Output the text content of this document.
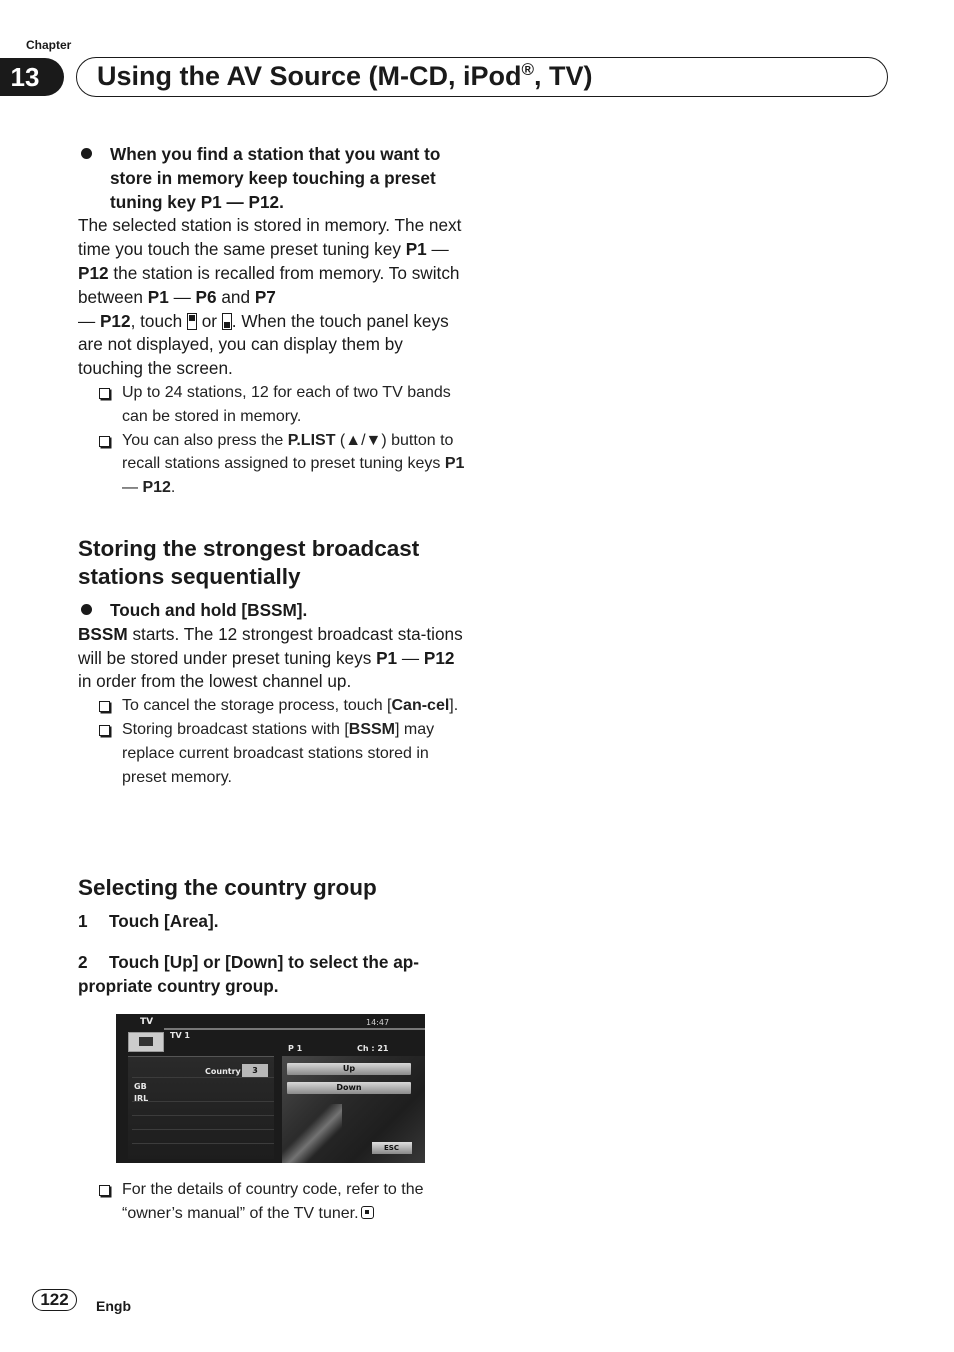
Chapter
13	Using the AV Source (M-CD, iPod®, TV)
When you find a station that you want to store in memory keep touching a preset tuning key P1 — P12.
The selected station is stored in memory. The next time you touch the same preset tuning key P1 — P12 the station is recalled from memory. To switch between P1 — P6 and P7
— P12, touch  or . When the touch panel keys are not displayed, you can display them by touching the screen.
Up to 24 stations, 12 for each of two TV bands can be stored in memory.
You can also press the P.LIST (▲/▼) button to recall stations assigned to preset tuning keys P1 — P12.
Storing the strongest broadcast stations sequentially
Touch and hold [BSSM].
BSSM starts. The 12 strongest broadcast sta-tions will be stored under preset tuning keys P1 — P12 in order from the lowest channel up.
To cancel the storage process, touch [Can-cel].
Storing broadcast stations with [BSSM] may replace current broadcast stations stored in preset memory.
Selecting the country group
1 Touch [Area].
2 Touch [Up] or [Down] to select the ap-propriate country group.
TV	14:47
TV 1
P 1	Ch : 21
Country	3
GB
IRL
Up
Down
ESC
For the details of country code, refer to the “owner’s manual” of the TV tuner.
122	Engb
